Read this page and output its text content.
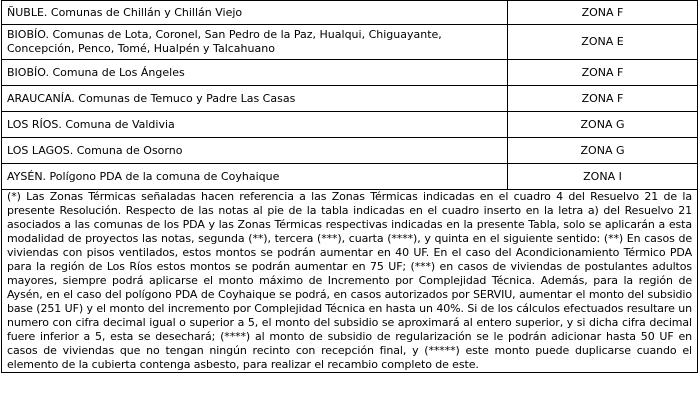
ÑUBLE. Comunas de Chillán y Chillán Viejo	ZONA F
BIOBÍO. Comunas de Lota, Coronel, San Pedro de la Paz, Hualqui, Chiguayante, Concepción, Penco, Tomé, Hualpén y Talcahuano	ZONA E
BIOBÍO. Comuna de Los Ángeles	ZONA F
ARAUCANÍA. Comunas de Temuco y Padre Las Casas	ZONA F
LOS RÍOS. Comuna de Valdivia	ZONA G
LOS LAGOS. Comuna de Osorno	ZONA G
AYSÉN. Polígono PDA de la comuna de Coyhaique	ZONA I
(*) Las Zonas Térmicas señaladas hacen referencia a las Zonas Térmicas indicadas en el cuadro 4 del Resuelvo 21 de la presente Resolución. Respecto de las notas al pie de la tabla indicadas en el cuadro inserto en la letra a) del Resuelvo 21 asociados a las comunas de los PDA y las Zonas Térmicas respectivas indicadas en la presente Tabla, solo se aplicarán a esta modalidad de proyectos las notas, segunda (**), tercera (***), cuarta (****), y quinta en el siguiente sentido: (**) En casos de viviendas con pisos ventilados, estos montos se podrán aumentar en 40 UF. En el caso del Acondicionamiento Térmico PDA para la región de Los Ríos estos montos se podrán aumentar en 75 UF; (***) en casos de viviendas de postulantes adultos mayores, siempre podrá aplicarse el monto máximo de Incremento por Complejidad Técnica. Además, para la región de Aysén, en el caso del polígono PDA de Coyhaique se podrá, en casos autorizados por SERVIU, aumentar el monto del subsidio base (251 UF) y el monto del incremento por Complejidad Técnica en hasta un 40%. Si de los cálculos efectuados resultare un numero con cifra decimal igual o superior a 5, el monto del subsidio se aproximará al entero superior, y si dicha cifra decimal fuere inferior a 5, esta se desechará; (****) al monto de subsidio de regularización se le podrán adicionar hasta 50 UF en casos de viviendas que no tengan ningún recinto con recepción final, y (*****) este monto puede duplicarse cuando el elemento de la cubierta contenga asbesto, para realizar el recambio completo de este.	
